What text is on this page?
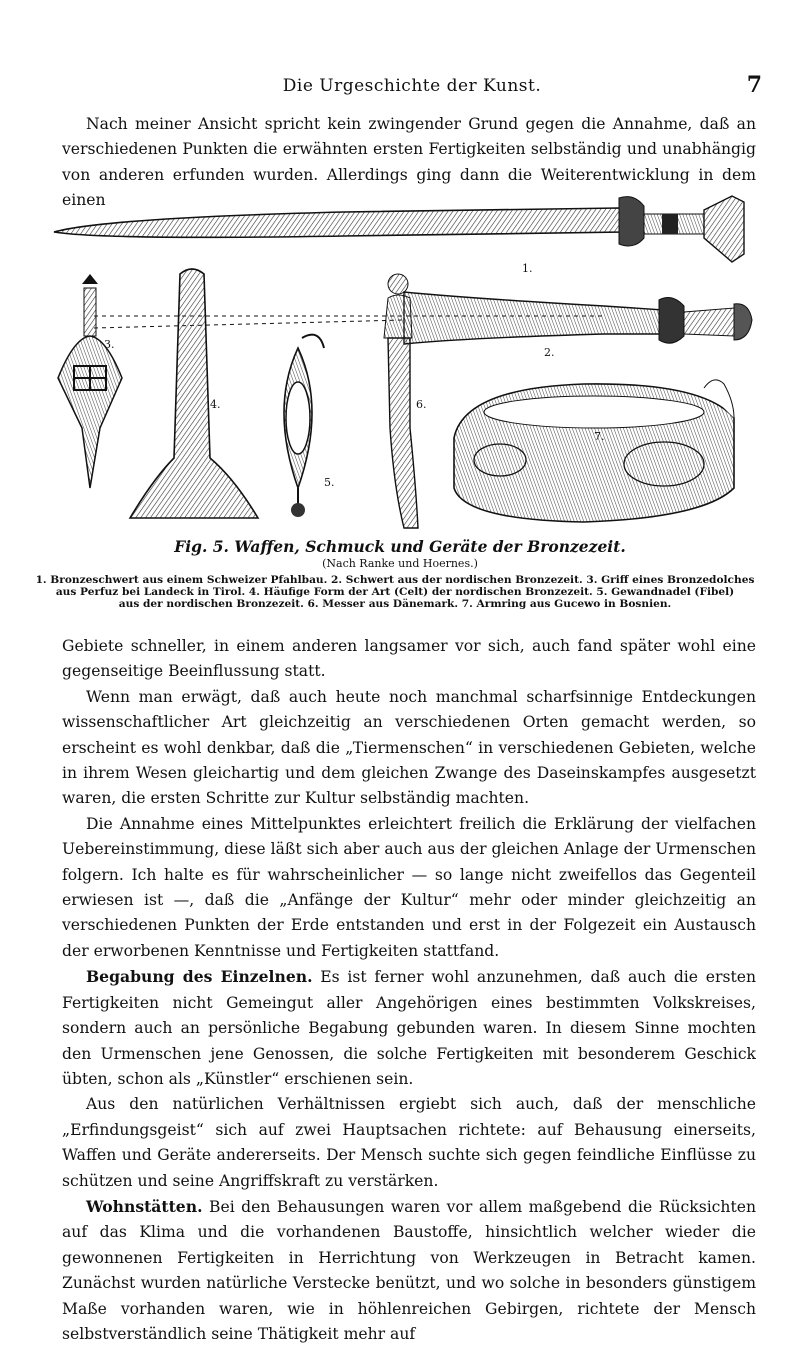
Die Urgeschichte der Kunst.	7

Nach meiner Ansicht spricht kein zwingender Grund gegen die Annahme, daß an verschiedenen Punkten die erwähnten ersten Fertigkeiten selbständig und unabhängig von anderen erfunden wurden. Allerdings ging dann die Weiterentwicklung in dem einen

1.
2.
3.
4.
5.
6.
7.
Fig. 5. Waffen, Schmuck und Geräte der Bronzezeit.
(Nach Ranke und Hoernes.)
1. Bronzeschwert aus einem Schweizer Pfahlbau. 2. Schwert aus der nordischen Bronzezeit. 3. Griff eines Bronzedolches
aus Perfuz bei Landeck in Tirol. 4. Häufige Form der Art (Celt) der nordischen Bronzezeit. 5. Gewandnadel (Fibel)
aus der nordischen Bronzezeit. 6. Messer aus Dänemark. 7. Armring aus Gucewo in Bosnien.

Gebiete schneller, in einem anderen langsamer vor sich, auch fand später wohl eine gegenseitige Beeinflussung statt.

Wenn man erwägt, daß auch heute noch manchmal scharfsinnige Entdeckungen wissenschaftlicher Art gleichzeitig an verschiedenen Orten gemacht werden, so erscheint es wohl denkbar, daß die „Tiermenschen“ in verschiedenen Gebieten, welche in ihrem Wesen gleichartig und dem gleichen Zwange des Daseinskampfes ausgesetzt waren, die ersten Schritte zur Kultur selbständig machten.

Die Annahme eines Mittelpunktes erleichtert freilich die Erklärung der vielfachen Uebereinstimmung, diese läßt sich aber auch aus der gleichen Anlage der Urmenschen folgern. Ich halte es für wahrscheinlicher — so lange nicht zweifellos das Gegenteil erwiesen ist —, daß die „Anfänge der Kultur“ mehr oder minder gleichzeitig an verschiedenen Punkten der Erde entstanden und erst in der Folgezeit ein Austausch der erworbenen Kenntnisse und Fertigkeiten stattfand.

Begabung des Einzelnen. Es ist ferner wohl anzunehmen, daß auch die ersten Fertigkeiten nicht Gemeingut aller Angehörigen eines bestimmten Volkskreises, sondern auch an persönliche Begabung gebunden waren. In diesem Sinne mochten den Urmenschen jene Genossen, die solche Fertigkeiten mit besonderem Geschick übten, schon als „Künstler“ erschienen sein.

Aus den natürlichen Verhältnissen ergiebt sich auch, daß der menschliche „Erfindungsgeist“ sich auf zwei Hauptsachen richtete: auf Behausung einerseits, Waffen und Geräte andererseits. Der Mensch suchte sich gegen feindliche Einflüsse zu schützen und seine Angriffskraft zu verstärken.

Wohnstätten. Bei den Behausungen waren vor allem maßgebend die Rücksichten auf das Klima und die vorhandenen Baustoffe, hinsichtlich welcher wieder die gewonnenen Fertigkeiten in Herrichtung von Werkzeugen in Betracht kamen. Zunächst wurden natürliche Verstecke benützt, und wo solche in besonders günstigem Maße vorhanden waren, wie in höhlenreichen Gebirgen, richtete der Mensch selbstverständlich seine Thätigkeit mehr auf
